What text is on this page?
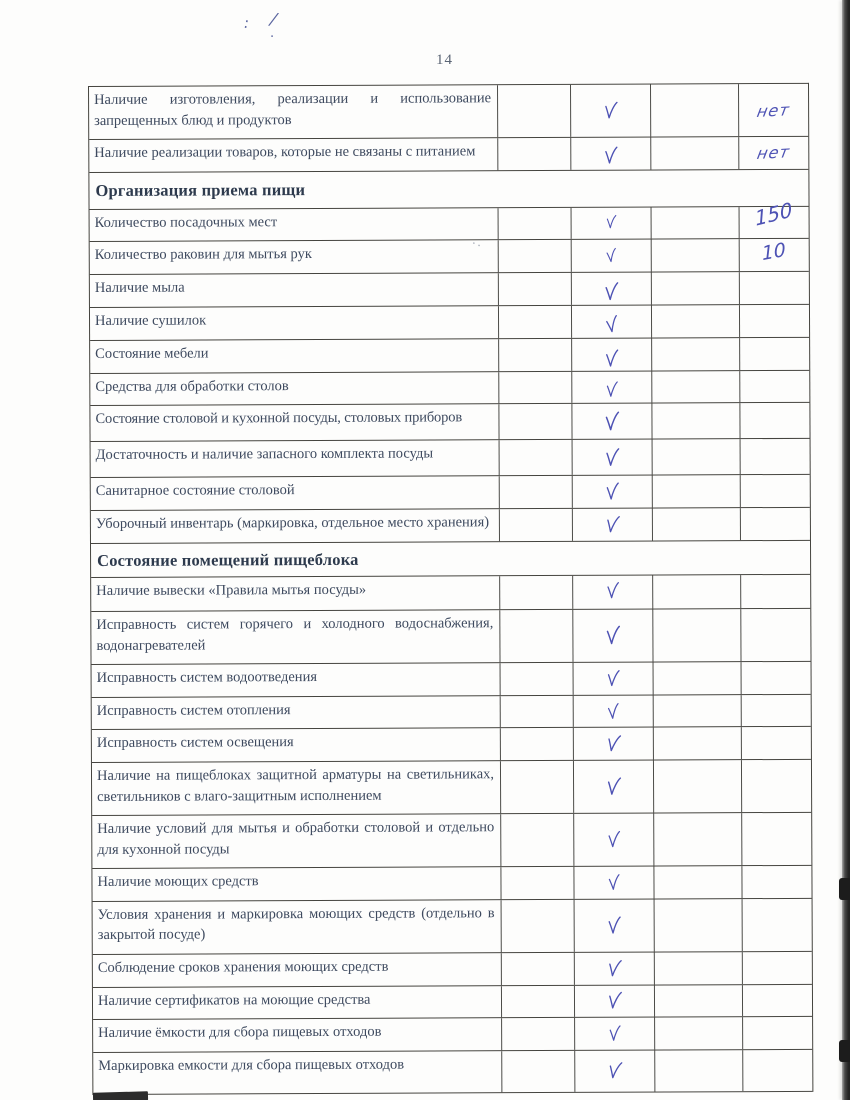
: ⁄
.
·.
14
Наличие изготовления, реализации и использование запрещенных блюд и продуктов	нет
Наличие реализации товаров, которые не связаны с питанием	нет
Организация приема пищи
Количество посадочных мест	150
Количество раковин для мытья рук	10
Наличие мыла
Наличие сушилок
Состояние мебели
Средства для обработки столов
Состояние столовой и кухонной посуды, столовых приборов
Достаточность и наличие запасного комплекта посуды
Санитарное состояние столовой
Уборочный инвентарь (маркировка, отдельное место хранения)
Состояние помещений пищеблока
Наличие вывески «Правила мытья посуды»
Исправность систем горячего и холодного водоснабжения, водонагревателей
Исправность систем водоотведения
Исправность систем отопления
Исправность систем освещения
Наличие на пищеблоках защитной арматуры на светильниках, светильников с влаго-защитным исполнением
Наличие условий для мытья и обработки столовой и отдельно для кухонной посуды
Наличие моющих средств
Условия хранения и маркировка моющих средств (отдельно в закрытой посуде)
Соблюдение сроков хранения моющих средств
Наличие сертификатов на моющие средства
Наличие ёмкости для сбора пищевых отходов
Маркировка емкости для сбора пищевых отходов
